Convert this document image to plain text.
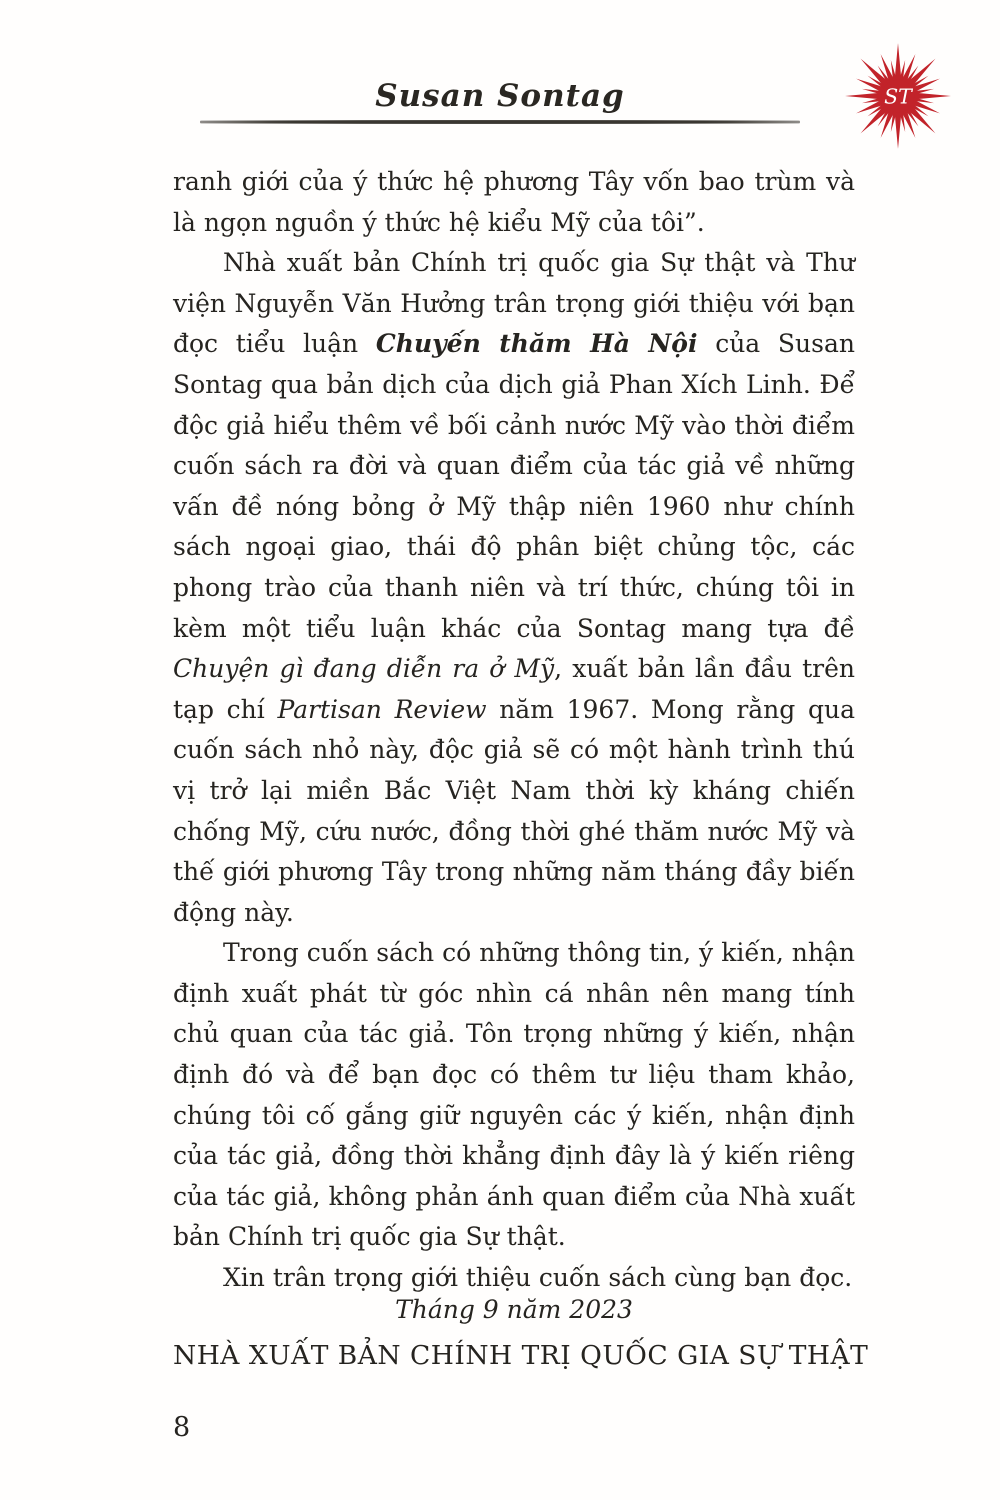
Susan Sontag	ST

ranh giới của ý thức hệ phương Tây vốn bao trùm và là ngọn nguồn ý thức hệ kiểu Mỹ của tôi”.

Nhà xuất bản Chính trị quốc gia Sự thật và Thư viện Nguyễn Văn Hưởng trân trọng giới thiệu với bạn đọc tiểu luận Chuyến thăm Hà Nội của Susan Sontag qua bản dịch của dịch giả Phan Xích Linh. Để độc giả hiểu thêm về bối cảnh nước Mỹ vào thời điểm cuốn sách ra đời và quan điểm của tác giả về những vấn đề nóng bỏng ở Mỹ thập niên 1960 như chính sách ngoại giao, thái độ phân biệt chủng tộc, các phong trào của thanh niên và trí thức, chúng tôi in kèm một tiểu luận khác của Sontag mang tựa đề Chuyện gì đang diễn ra ở Mỹ, xuất bản lần đầu trên tạp chí Partisan Review năm 1967. Mong rằng qua cuốn sách nhỏ này, độc giả sẽ có một hành trình thú vị trở lại miền Bắc Việt Nam thời kỳ kháng chiến chống Mỹ, cứu nước, đồng thời ghé thăm nước Mỹ và thế giới phương Tây trong những năm tháng đầy biến động này.

Trong cuốn sách có những thông tin, ý kiến, nhận định xuất phát từ góc nhìn cá nhân nên mang tính chủ quan của tác giả. Tôn trọng những ý kiến, nhận định đó và để bạn đọc có thêm tư liệu tham khảo, chúng tôi cố gắng giữ nguyên các ý kiến, nhận định của tác giả, đồng thời khẳng định đây là ý kiến riêng của tác giả, không phản ánh quan điểm của Nhà xuất bản Chính trị quốc gia Sự thật.

Xin trân trọng giới thiệu cuốn sách cùng bạn đọc.

Tháng 9 năm 2023
NHÀ XUẤT BẢN CHÍNH TRỊ QUỐC GIA SỰ THẬT
8
